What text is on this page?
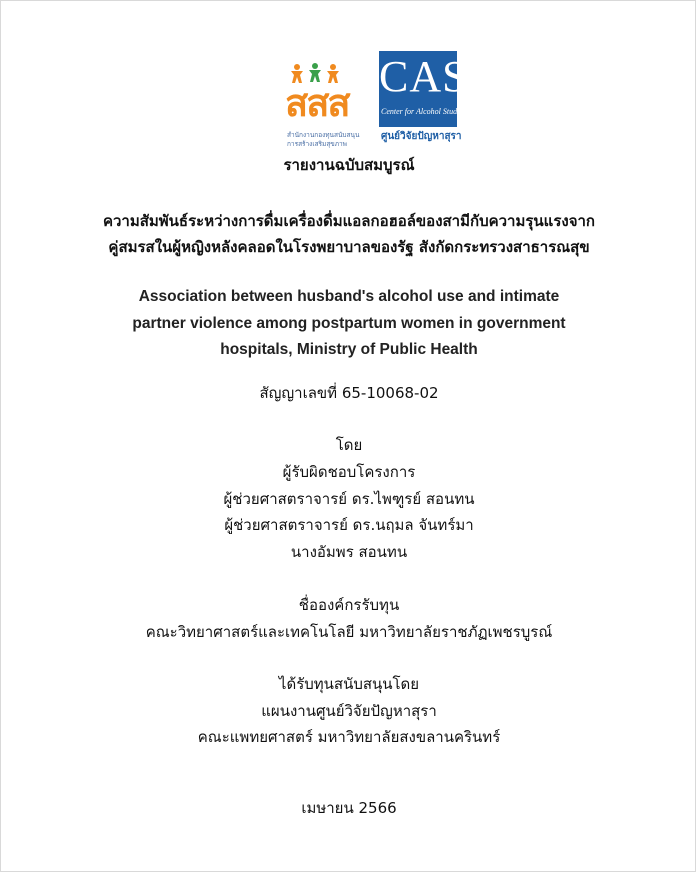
สสส
สำนักงานกองทุนสนับสนุน
การสร้างเสริมสุขภาพ
CAS
Center for Alcohol Studies
ศูนย์วิจัยปัญหาสุรา
รายงานฉบับสมบูรณ์
ความสัมพันธ์ระหว่างการดื่มเครื่องดื่มแอลกอฮอล์ของสามีกับความรุนแรงจาก
คู่สมรสในผู้หญิงหลังคลอดในโรงพยาบาลของรัฐ สังกัดกระทรวงสาธารณสุข
Association between husband's alcohol use and intimate
partner violence among postpartum women in government
hospitals, Ministry of Public Health
สัญญาเลขที่ 65-10068-02
โดย
ผู้รับผิดชอบโครงการ
ผู้ช่วยศาสตราจารย์ ดร.ไพฑูรย์ สอนทน
ผู้ช่วยศาสตราจารย์ ดร.นฤมล จันทร์มา
นางอัมพร สอนทน
ชื่อองค์กรรับทุน
คณะวิทยาศาสตร์และเทคโนโลยี มหาวิทยาลัยราชภัฏเพชรบูรณ์
ได้รับทุนสนับสนุนโดย
แผนงานศูนย์วิจัยปัญหาสุรา
คณะแพทยศาสตร์ มหาวิทยาลัยสงขลานครินทร์
เมษายน 2566
